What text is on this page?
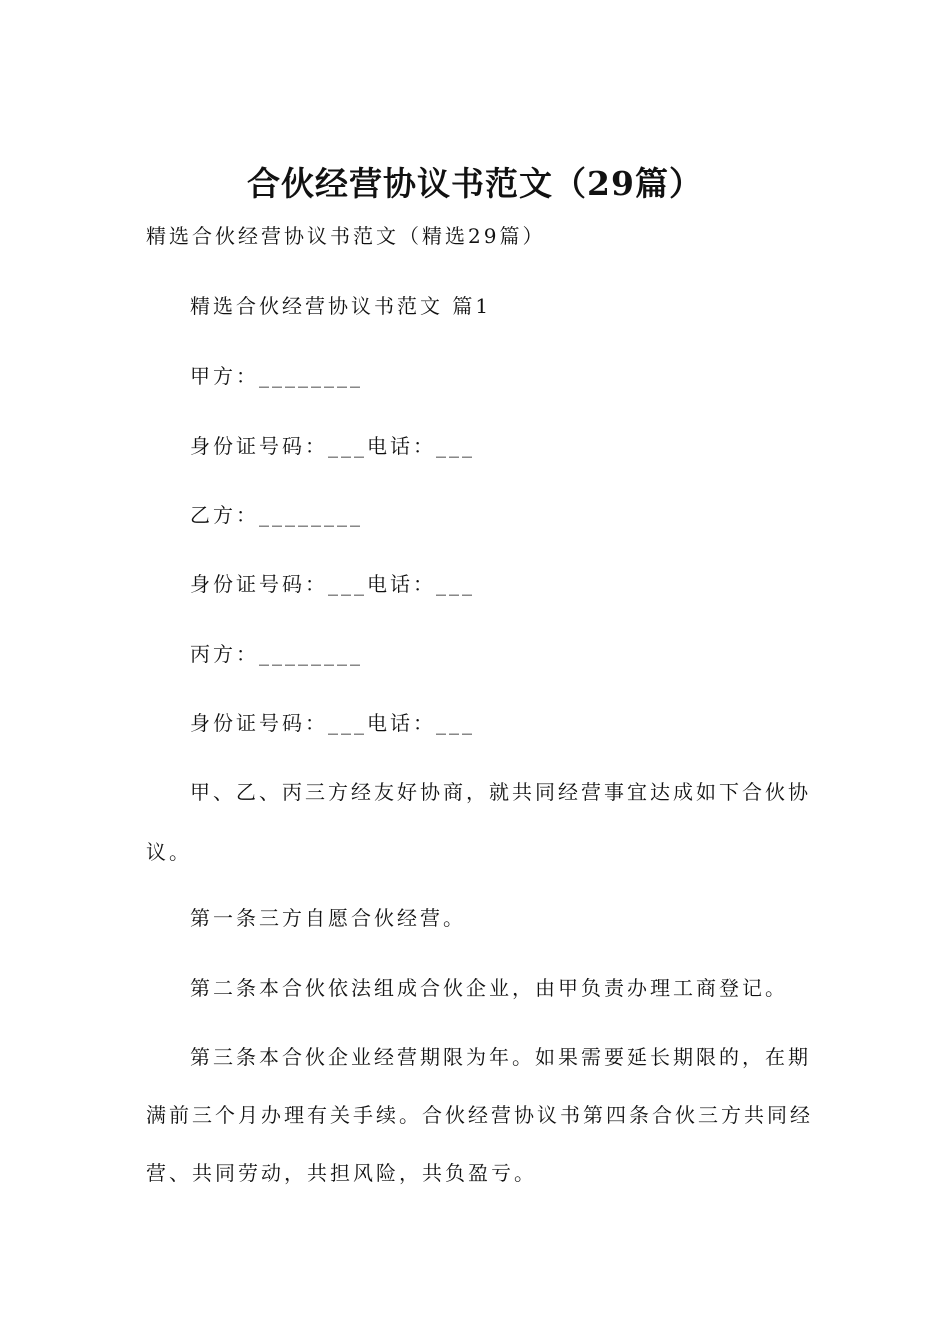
合伙经营协议书范文（29篇）
精选合伙经营协议书范文（精选29篇）
精选合伙经营协议书范文 篇1
甲方：________
身份证号码：___电话：___
乙方：________
身份证号码：___电话：___
丙方：________
身份证号码：___电话：___
甲、乙、丙三方经友好协商，就共同经营事宜达成如下合伙协
议。
第一条三方自愿合伙经营。
第二条本合伙依法组成合伙企业，由甲负责办理工商登记。
第三条本合伙企业经营期限为年。如果需要延长期限的，在期
满前三个月办理有关手续。合伙经营协议书第四条合伙三方共同经
营、共同劳动，共担风险，共负盈亏。
